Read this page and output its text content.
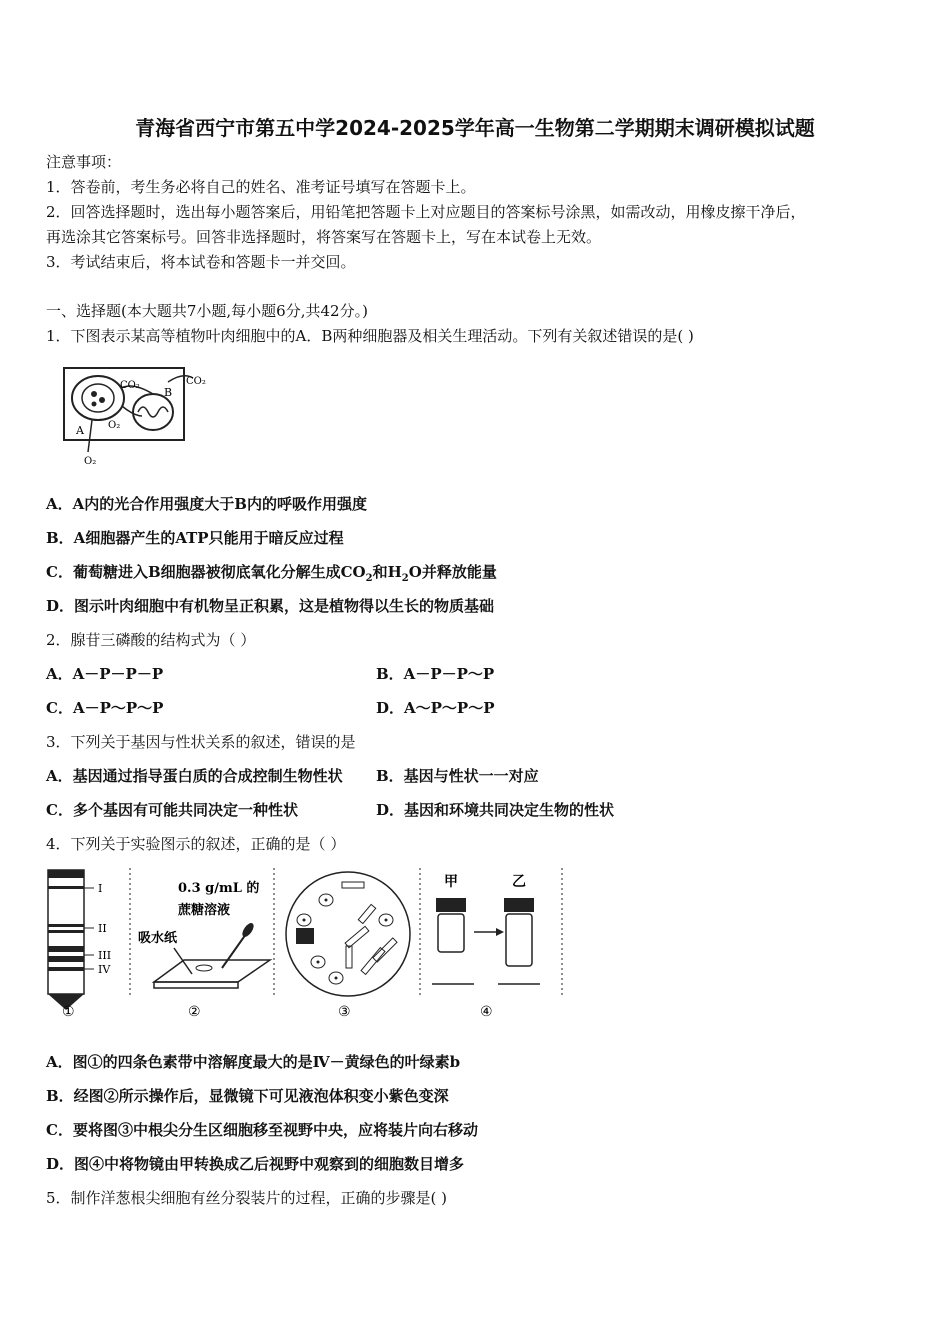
青海省西宁市第五中学2024-2025学年高一生物第二学期期末调研模拟试题
注意事项：
1．答卷前，考生务必将自己的姓名、准考证号填写在答题卡上。
2．回答选择题时，选出每小题答案后，用铅笔把答题卡上对应题目的答案标号涂黑，如需改动，用橡皮擦干净后，
再选涂其它答案标号。回答非选择题时，将答案写在答题卡上，写在本试卷上无效。
3．考试结束后，将本试卷和答题卡一并交回。
一、选择题(本大题共7小题,每小题6分,共42分。)
1．下图表示某高等植物叶肉细胞中的A．B两种细胞器及相关生理活动。下列有关叙述错误的是( )
CO₂	CO₂
B
A O₂
O₂
A．A内的光合作用强度大于B内的呼吸作用强度
B．A细胞器产生的ATP只能用于暗反应过程
C．葡萄糖进入B细胞器被彻底氧化分解生成$CO_2$和$H_2O$并释放能量
D．图示叶肉细胞中有机物呈正积累，这是植物得以生长的物质基础
2．腺苷三磷酸的结构式为（ ）
A．A－P－P－P	B．A－P－P～P
C．A－P～P～P	D．A～P～P～P
3．下列关于基因与性状关系的叙述，错误的是
A．基因通过指导蛋白质的合成控制生物性状 B．基因与性状一一对应
C．多个基因有可能共同决定一种性状	D．基因和环境共同决定生物的性状
4．下列关于实验图示的叙述，正确的是（ ）
I
II
III
IV
①
0.3 g/mL 的
蔗糖溶液
吸水纸
②	③
甲	乙
④
A．图①的四条色素带中溶解度最大的是Ⅳ－黄绿色的叶绿素b
B．经图②所示操作后，显微镜下可见液泡体积变小紫色变深
C．要将图③中根尖分生区细胞移至视野中央，应将装片向右移动
D．图④中将物镜由甲转换成乙后视野中观察到的细胞数目增多
5．制作洋葱根尖细胞有丝分裂装片的过程，正确的步骤是( )
